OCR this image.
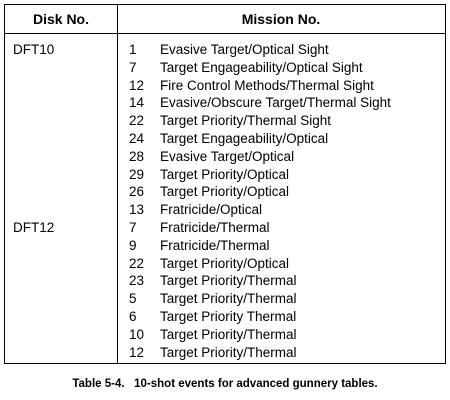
Disk No.	Mission No.
DFT10	1 Evasive Target/Optical Sight
7 Target Engageability/Optical Sight
12 Fire Control Methods/Thermal Sight
14 Evasive/Obscure Target/Thermal Sight
22 Target Priority/Thermal Sight
24 Target Engageability/Optical
28 Evasive Target/Optical
29 Target Priority/Optical
26 Target Priority/Optical
13 Fratricide/Optical
DFT12	7 Fratricide/Thermal
9 Fratricide/Thermal
22 Target Priority/Optical
23 Target Priority/Thermal
5 Target Priority/Thermal
6 Target Priority Thermal
10 Target Priority/Thermal
12 Target Priority/Thermal
Table 5-4.   10-shot events for advanced gunnery tables.
